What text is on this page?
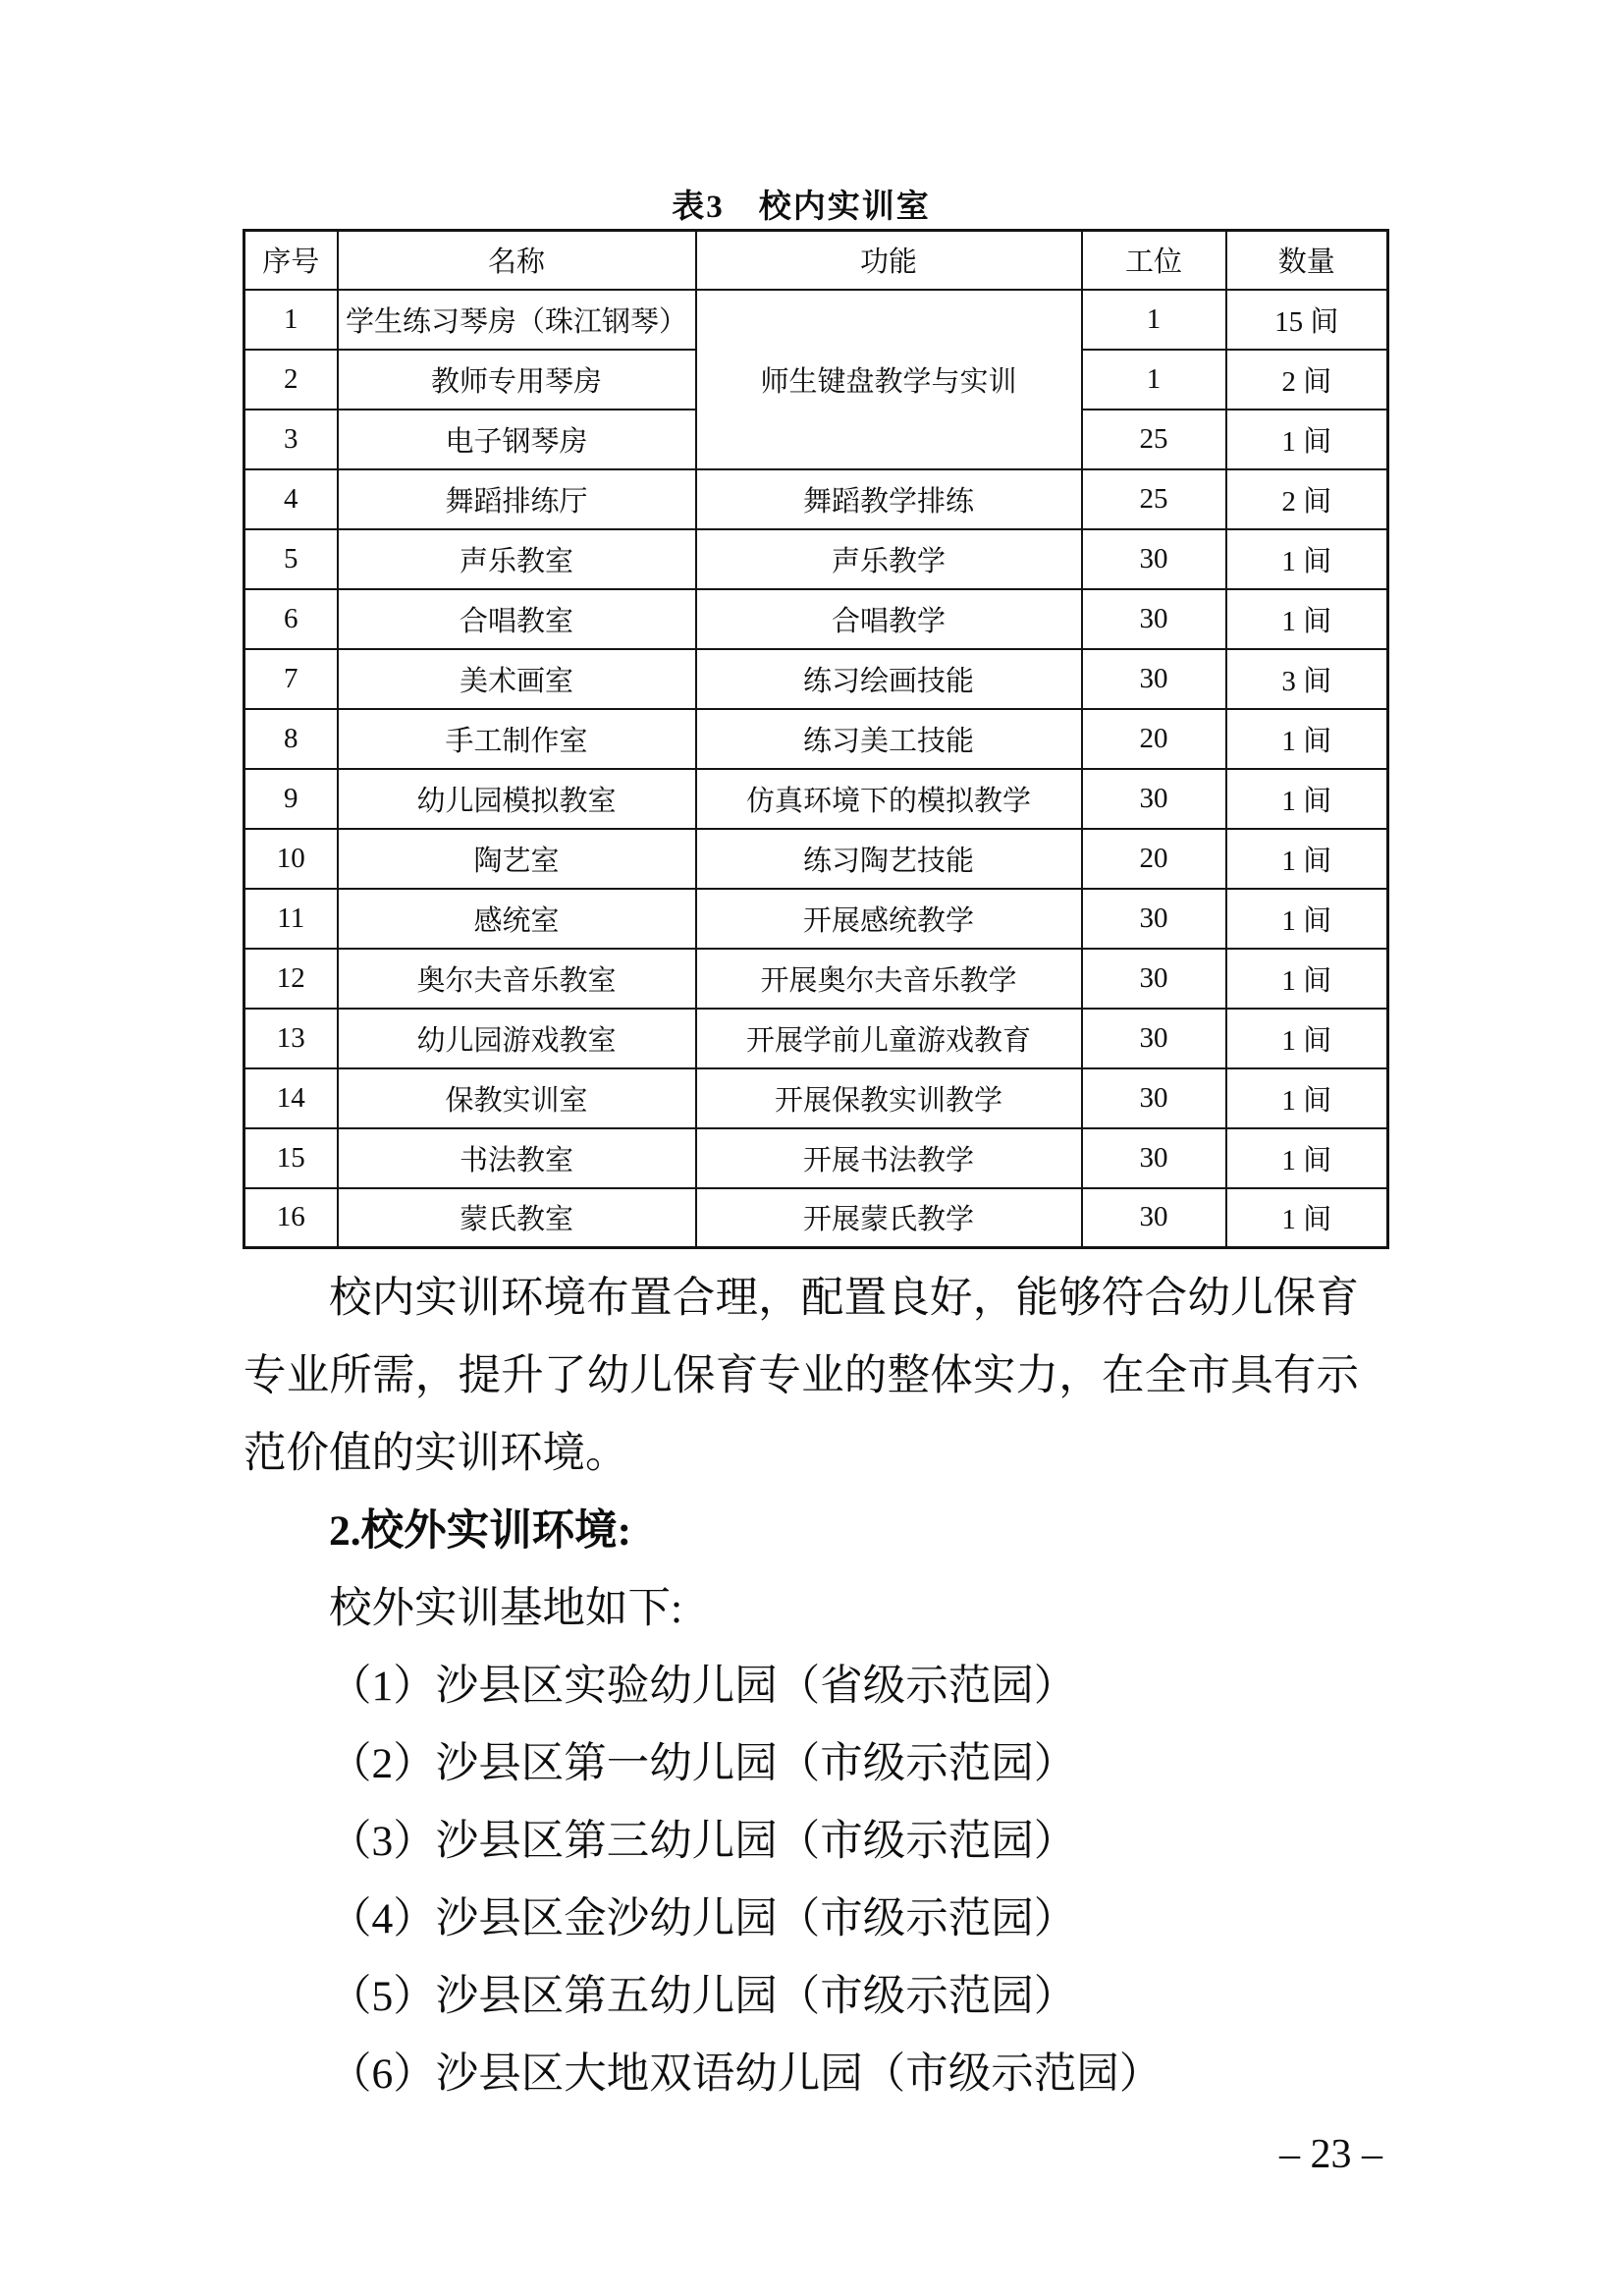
表3　校内实训室
序号	名称	功能	工位	数量
1	学生练习琴房（珠江钢琴）	师生键盘教学与实训	1	15 间
2	教师专用琴房		1	2 间
3	电子钢琴房		25	1 间
4	舞蹈排练厅	舞蹈教学排练	25	2 间
5	声乐教室	声乐教学	30	1 间
6	合唱教室	合唱教学	30	1 间
7	美术画室	练习绘画技能	30	3 间
8	手工制作室	练习美工技能	20	1 间
9	幼儿园模拟教室	仿真环境下的模拟教学	30	1 间
10	陶艺室	练习陶艺技能	20	1 间
11	感统室	开展感统教学	30	1 间
12	奥尔夫音乐教室	开展奥尔夫音乐教学	30	1 间
13	幼儿园游戏教室	开展学前儿童游戏教育	30	1 间
14	保教实训室	开展保教实训教学	30	1 间
15	书法教室	开展书法教学	30	1 间
16	蒙氏教室	开展蒙氏教学	30	1 间
校内实训环境布置合理，配置良好，能够符合幼儿保育专业所需，提升了幼儿保育专业的整体实力，在全市具有示范价值的实训环境。
2.校外实训环境:
校外实训基地如下:
（1）沙县区实验幼儿园（省级示范园）
（2）沙县区第一幼儿园（市级示范园）
（3）沙县区第三幼儿园（市级示范园）
（4）沙县区金沙幼儿园（市级示范园）
（5）沙县区第五幼儿园（市级示范园）
（6）沙县区大地双语幼儿园（市级示范园）
– 23 –
